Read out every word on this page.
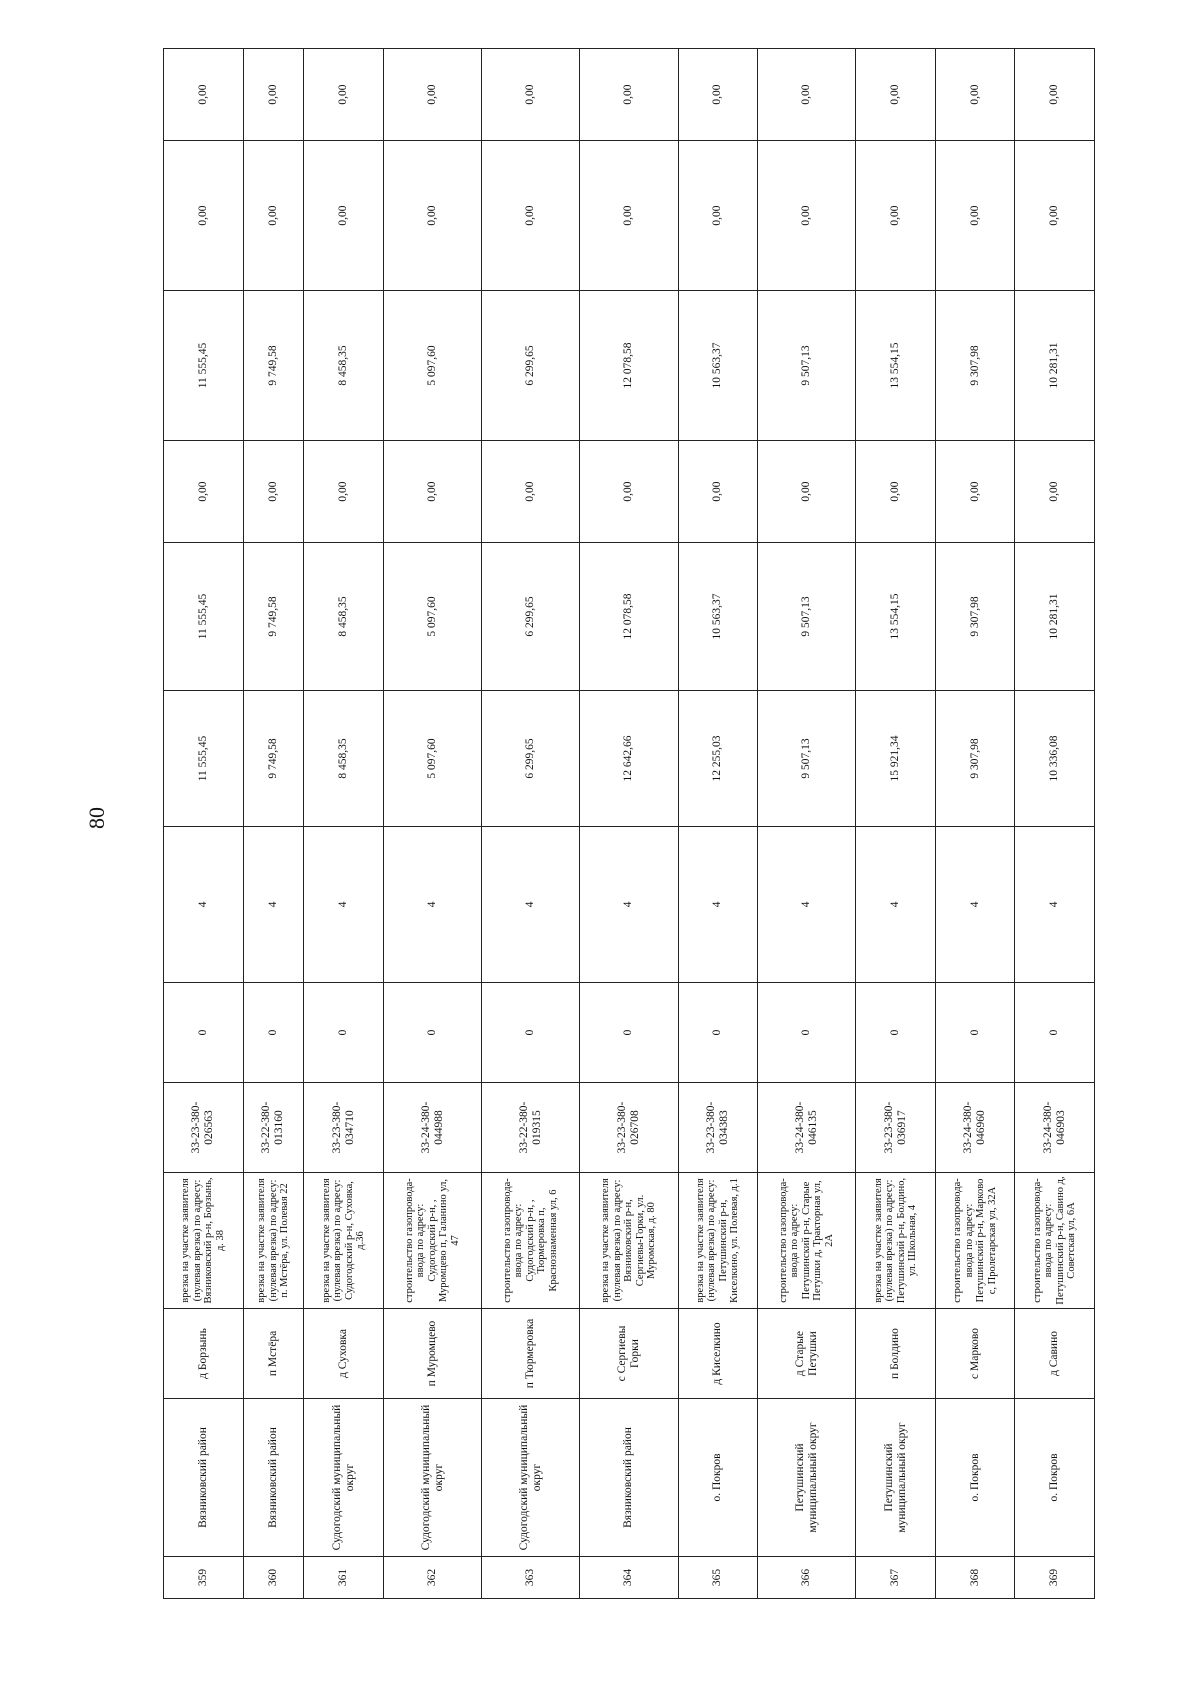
80
359	Вязниковский район	д Борзынь	врезка на участке заявителя (нулевая врезка) по адресу: Вязниковский р-н, Борзынь, д. 38	33-23-380-026563	0	4	11 555,45	11 555,45	0,00	11 555,45	0,00	0,00
360	Вязниковский район	п Мстёра	врезка на участке заявителя (нулевая врезка) по адресу: п. Мстёра, ул. Полевая 22	33-22-380-013160	0	4	9 749,58	9 749,58	0,00	9 749,58	0,00	0,00
361	Судогодский муниципальный округ	д Суховка	врезка на участке заявителя (нулевая врезка) по адресу: Судогодский р-н, Суховка, д.36	33-23-380-034710	0	4	8 458,35	8 458,35	0,00	8 458,35	0,00	0,00
362	Судогодский муниципальный округ	п Муромцево	строительство газопровода-ввода по адресу: Судогодский р-н, , Муромцево п, Галанино ул, 47	33-24-380-044988	0	4	5 097,60	5 097,60	0,00	5 097,60	0,00	0,00
363	Судогодский муниципальный округ	п Тюрмеровка	строительство газопровода-ввода по адресу: Судогодский р-н, , Тюрмеровка п, Краснознаменная ул, 6	33-22-380-019315	0	4	6 299,65	6 299,65	0,00	6 299,65	0,00	0,00
364	Вязниковский район	с Сергиевы Горки	врезка на участке заявителя (нулевая врезка) по адресу: Вязниковский р-н, Сергиевы-Горки, ул. Муромская, д. 80	33-23-380-026708	0	4	12 642,66	12 078,58	0,00	12 078,58	0,00	0,00
365	о. Покров	д Киселкино	врезка на участке заявителя (нулевая врезка) по адресу: Петушинский р-н, Киселкино, ул. Полевая, д.1	33-23-380-034383	0	4	12 255,03	10 563,37	0,00	10 563,37	0,00	0,00
366	Петушинский муниципальный округ	д Старые Петушки	строительство газопровода-ввода по адресу: Петушинский р-н, Старые Петушки д, Тракторная ул, 2А	33-24-380-046135	0	4	9 507,13	9 507,13	0,00	9 507,13	0,00	0,00
367	Петушинский муниципальный округ	п Болдино	врезка на участке заявителя (нулевая врезка) по адресу: Петушинский р-н, Болдино, ул. Школьная, 4	33-23-380-036917	0	4	15 921,34	13 554,15	0,00	13 554,15	0,00	0,00
368	о. Покров	с Марково	строительство газопровода-ввода по адресу: Петушинский р-н, Марково с, Пролетарская ул, 32А	33-24-380-046960	0	4	9 307,98	9 307,98	0,00	9 307,98	0,00	0,00
369	о. Покров	д Савино	строительство газопровода-ввода по адресу: Петушинский р-н, Савино д, Советская ул, 6А	33-24-380-046903	0	4	10 336,08	10 281,31	0,00	10 281,31	0,00	0,00
